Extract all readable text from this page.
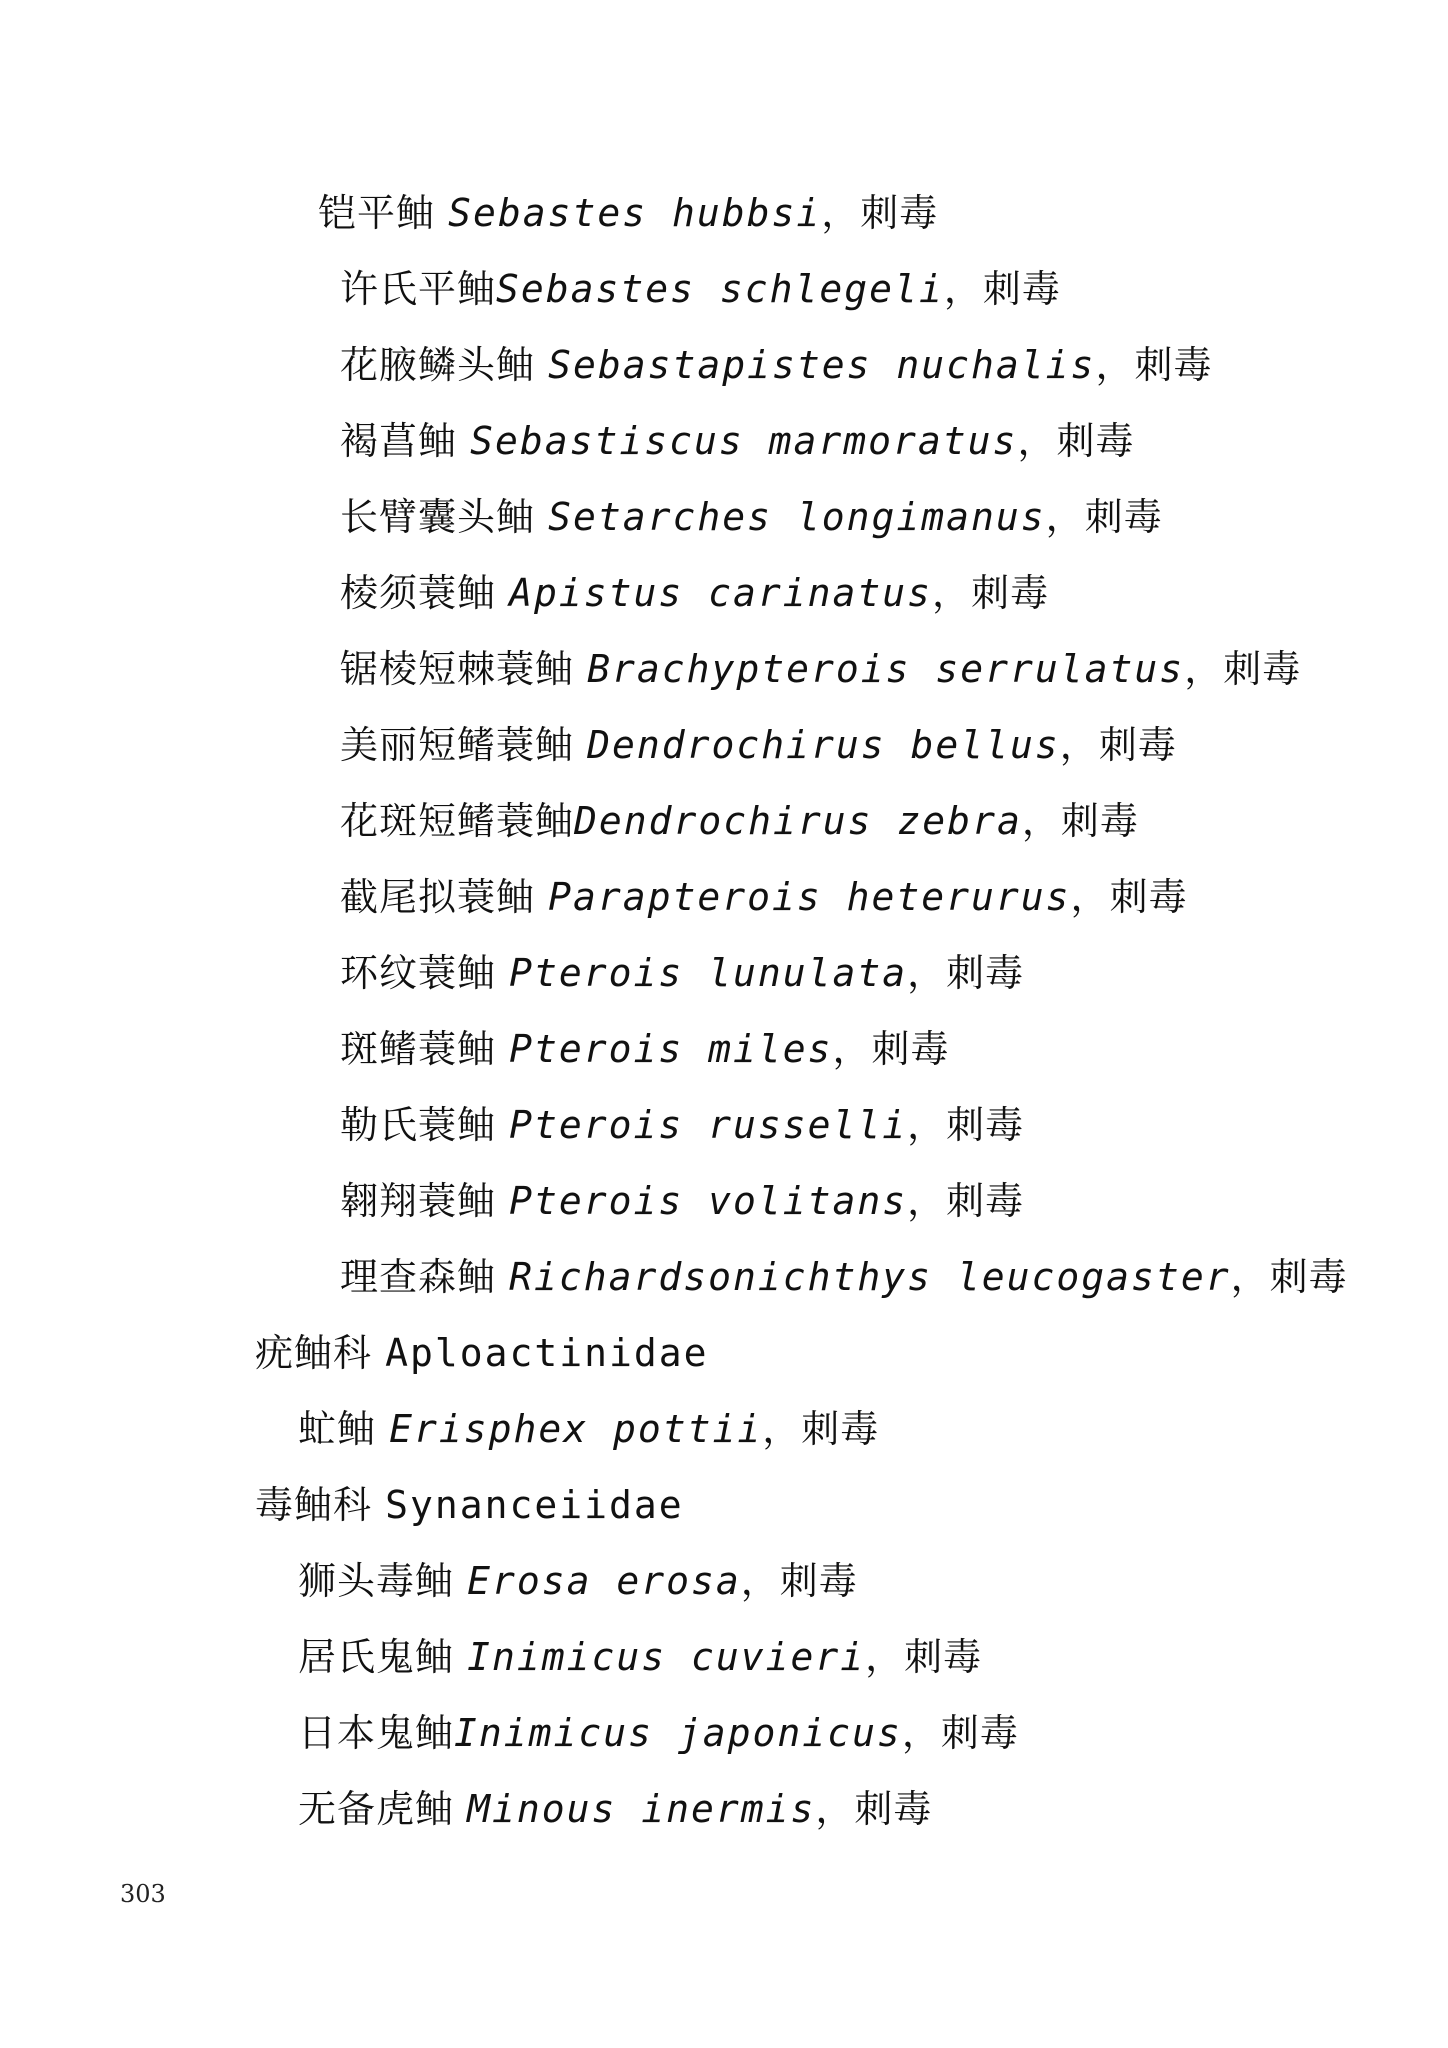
铠平鲉 Sebastes hubbsi，刺毒
许氏平鲉Sebastes schlegeli，刺毒
花腋鳞头鲉 Sebastapistes nuchalis，刺毒
褐菖鲉 Sebastiscus marmoratus，刺毒
长臂囊头鲉 Setarches longimanus，刺毒
棱须蓑鲉 Apistus carinatus，刺毒
锯棱短棘蓑鲉 Brachypterois serrulatus，刺毒
美丽短鳍蓑鲉 Dendrochirus bellus，刺毒
花斑短鳍蓑鲉Dendrochirus zebra，刺毒
截尾拟蓑鲉 Parapterois heterurus，刺毒
环纹蓑鲉 Pterois lunulata，刺毒
斑鳍蓑鲉 Pterois miles，刺毒
勒氏蓑鲉 Pterois russelli，刺毒
翱翔蓑鲉 Pterois volitans，刺毒
理查森鲉 Richardsonichthys leucogaster，刺毒
疣鲉科 Aploactinidae
虻鲉 Erisphex pottii，刺毒
毒鲉科 Synanceiidae
狮头毒鲉 Erosa erosa，刺毒
居氏鬼鲉 Inimicus cuvieri，刺毒
日本鬼鲉Inimicus japonicus，刺毒
无备虎鲉 Minous inermis，刺毒
303
